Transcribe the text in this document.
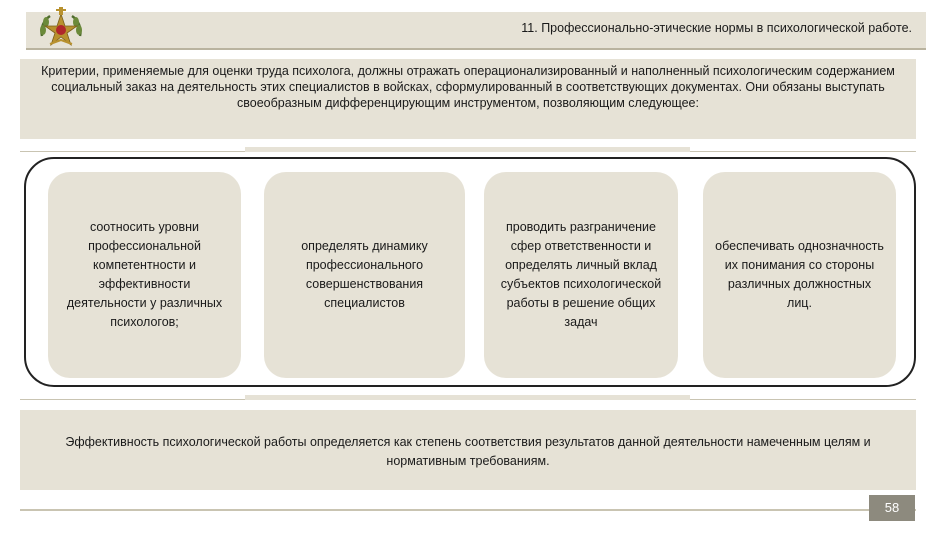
11. Профессионально-этические нормы в психологической работе.
Критерии, применяемые для оценки труда психолога, должны отражать операционализированный и наполненный психологическим содержанием социальный заказ на деятельность этих специалистов в войсках, сформулированный в соответствующих документах. Они обязаны выступать своеобразным дифференцирующим инструментом, позволяющим следующее:
соотносить уровни профессиональной компетентности и эффективности деятельности у различных психологов;
определять динамику профессионального совершенствования специалистов
проводить разграничение сфер ответственности и определять личный вклад субъектов психологической работы в решение общих задач
обеспечивать однозначность их понимания со стороны различных должностных лиц.
Эффективность психологической работы определяется как степень соответствия результатов данной деятельности намеченным целям и нормативным требованиям.
58
